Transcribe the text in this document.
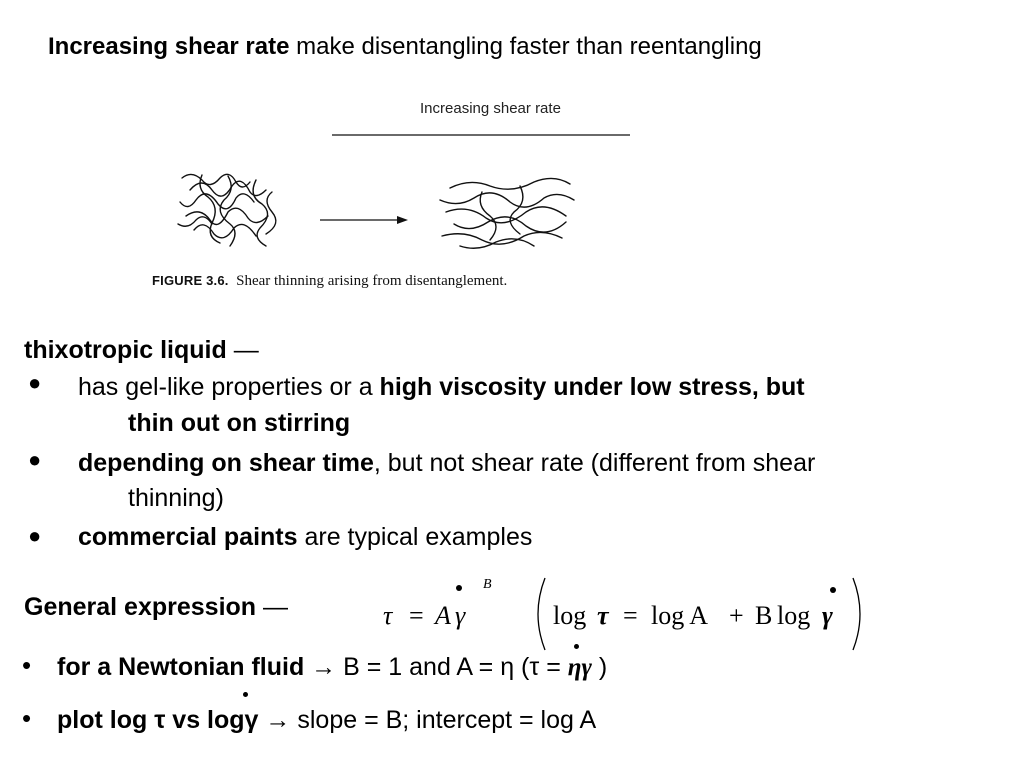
Increasing shear rate make disentangling faster than reentangling
Increasing shear rate
FIGURE 3.6. Shear thinning arising from disentanglement.
thixotropic liquid —
● has gel-like properties or a high viscosity under low stress, but
thin out on stirring
● depending on shear time, but not shear rate (different from shear
thinning)
● commercial paints are typical examples
General expression —	τ = A γ
B
log τ = log A + B log γ
• for a Newtonian fluid → B = 1 and A = η (τ = ηγ
)
• plot log τ vs logγ
→ slope = B; intercept = log A
